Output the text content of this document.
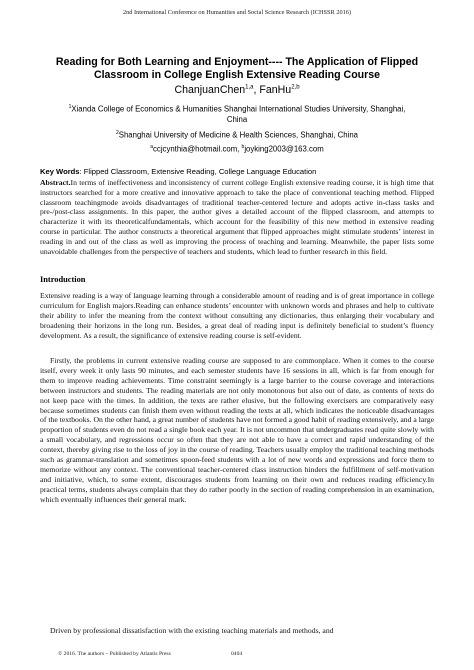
2nd International Conference on Humanities and Social Science Research (ICHSSR 2016)
Reading for Both Learning and Enjoyment---- The Application of Flipped Classroom in College English Extensive Reading Course
ChanjuanChen$^{1,a}$, FanHu$^{2,b}$
$^1$Xianda College of Economics & Humanities Shanghai International Studies University, Shanghai, China
$^2$Shanghai University of Medicine & Health Sciences, Shanghai, China
$^a$ccjcynthia@hotmail.com, $^b$joyking2003@163.com
Key Words: Flipped Classroom, Extensive Reading, College Language Education
Abstract.In terms of ineffectiveness and inconsistency of current college English extensive reading course, it is high time that instructors searched for a more creative and innovative approach to take the place of conventional teaching method. Flipped classroom teachingmode avoids disadvantages of traditional teacher-centered lecture and adopts active in-class tasks and pre-/post-class assignments. In this paper, the author gives a detailed account of the flipped classroom, and attempts to characterize it with its theoreticalfundamentals, which account for the feasibility of this new method in extensive reading course in particular. The author constructs a theoretical argument that flipped approaches might stimulate students’ interest in reading in and out of the class as well as improving the process of teaching and learning. Meanwhile, the paper lists some unavoidable challenges from the perspective of teachers and students, which lead to further research in this field.
Introduction
Extensive reading is a way of language learning through a considerable amount of reading and is of great importance in college curriculum for English majors.Reading can enhance students’ encounter with unknown words and phrases and help to cultivate their ability to infer the meaning from the context without consulting any dictionaries, thus enlarging their vocabulary and broadening their horizons in the long run. Besides, a great deal of reading input is definitely beneficial to student’s fluency development. As a result, the significance of extensive reading course is self-evident.
Firstly, the problems in current extensive reading course are supposed to are commonplace. When it comes to the course itself, every week it only lasts 90 minutes, and each semester students have 16 sessions in all, which is far from enough for them to improve reading achievements. Time constraint seemingly is a large barrier to the course coverage and interactions between instructors and students. The reading materials are not only monotonous but also out of date, as contents of texts do not keep pace with the times. In addition, the texts are rather elusive, but the following exercisers are comparatively easy because sometimes students can finish them even without reading the texts at all, which indicates the noticeable disadvantages of the textbooks. On the other hand, a great number of students have not formed a good habit of reading extensively, and a large proportion of students even do not read a single book each year. It is not uncommon that undergraduates read quite slowly with a small vocabulary, and regressions occur so often that they are not able to have a correct and rapid understanding of the context, thereby giving rise to the loss of joy in the course of reading. Teachers usually employ the traditional teaching methods such as grammar-translation and sometimes spoon-feed students with a lot of new words and expressions and force them to memorize without any context. The conventional teacher-centered class instruction hinders the fulfillment of self-motivation and initiative, which, to some extent, discourages students from learning on their own and reduces reading efficiency.In practical terms, students always complain that they do rather poorly in the section of reading comprehension in an examination, which eventually influences their general mark.
Driven by professional dissatisfaction with the existing teaching materials and methods, and
© 2016. The authors – Published by Atlantis Press	0404
